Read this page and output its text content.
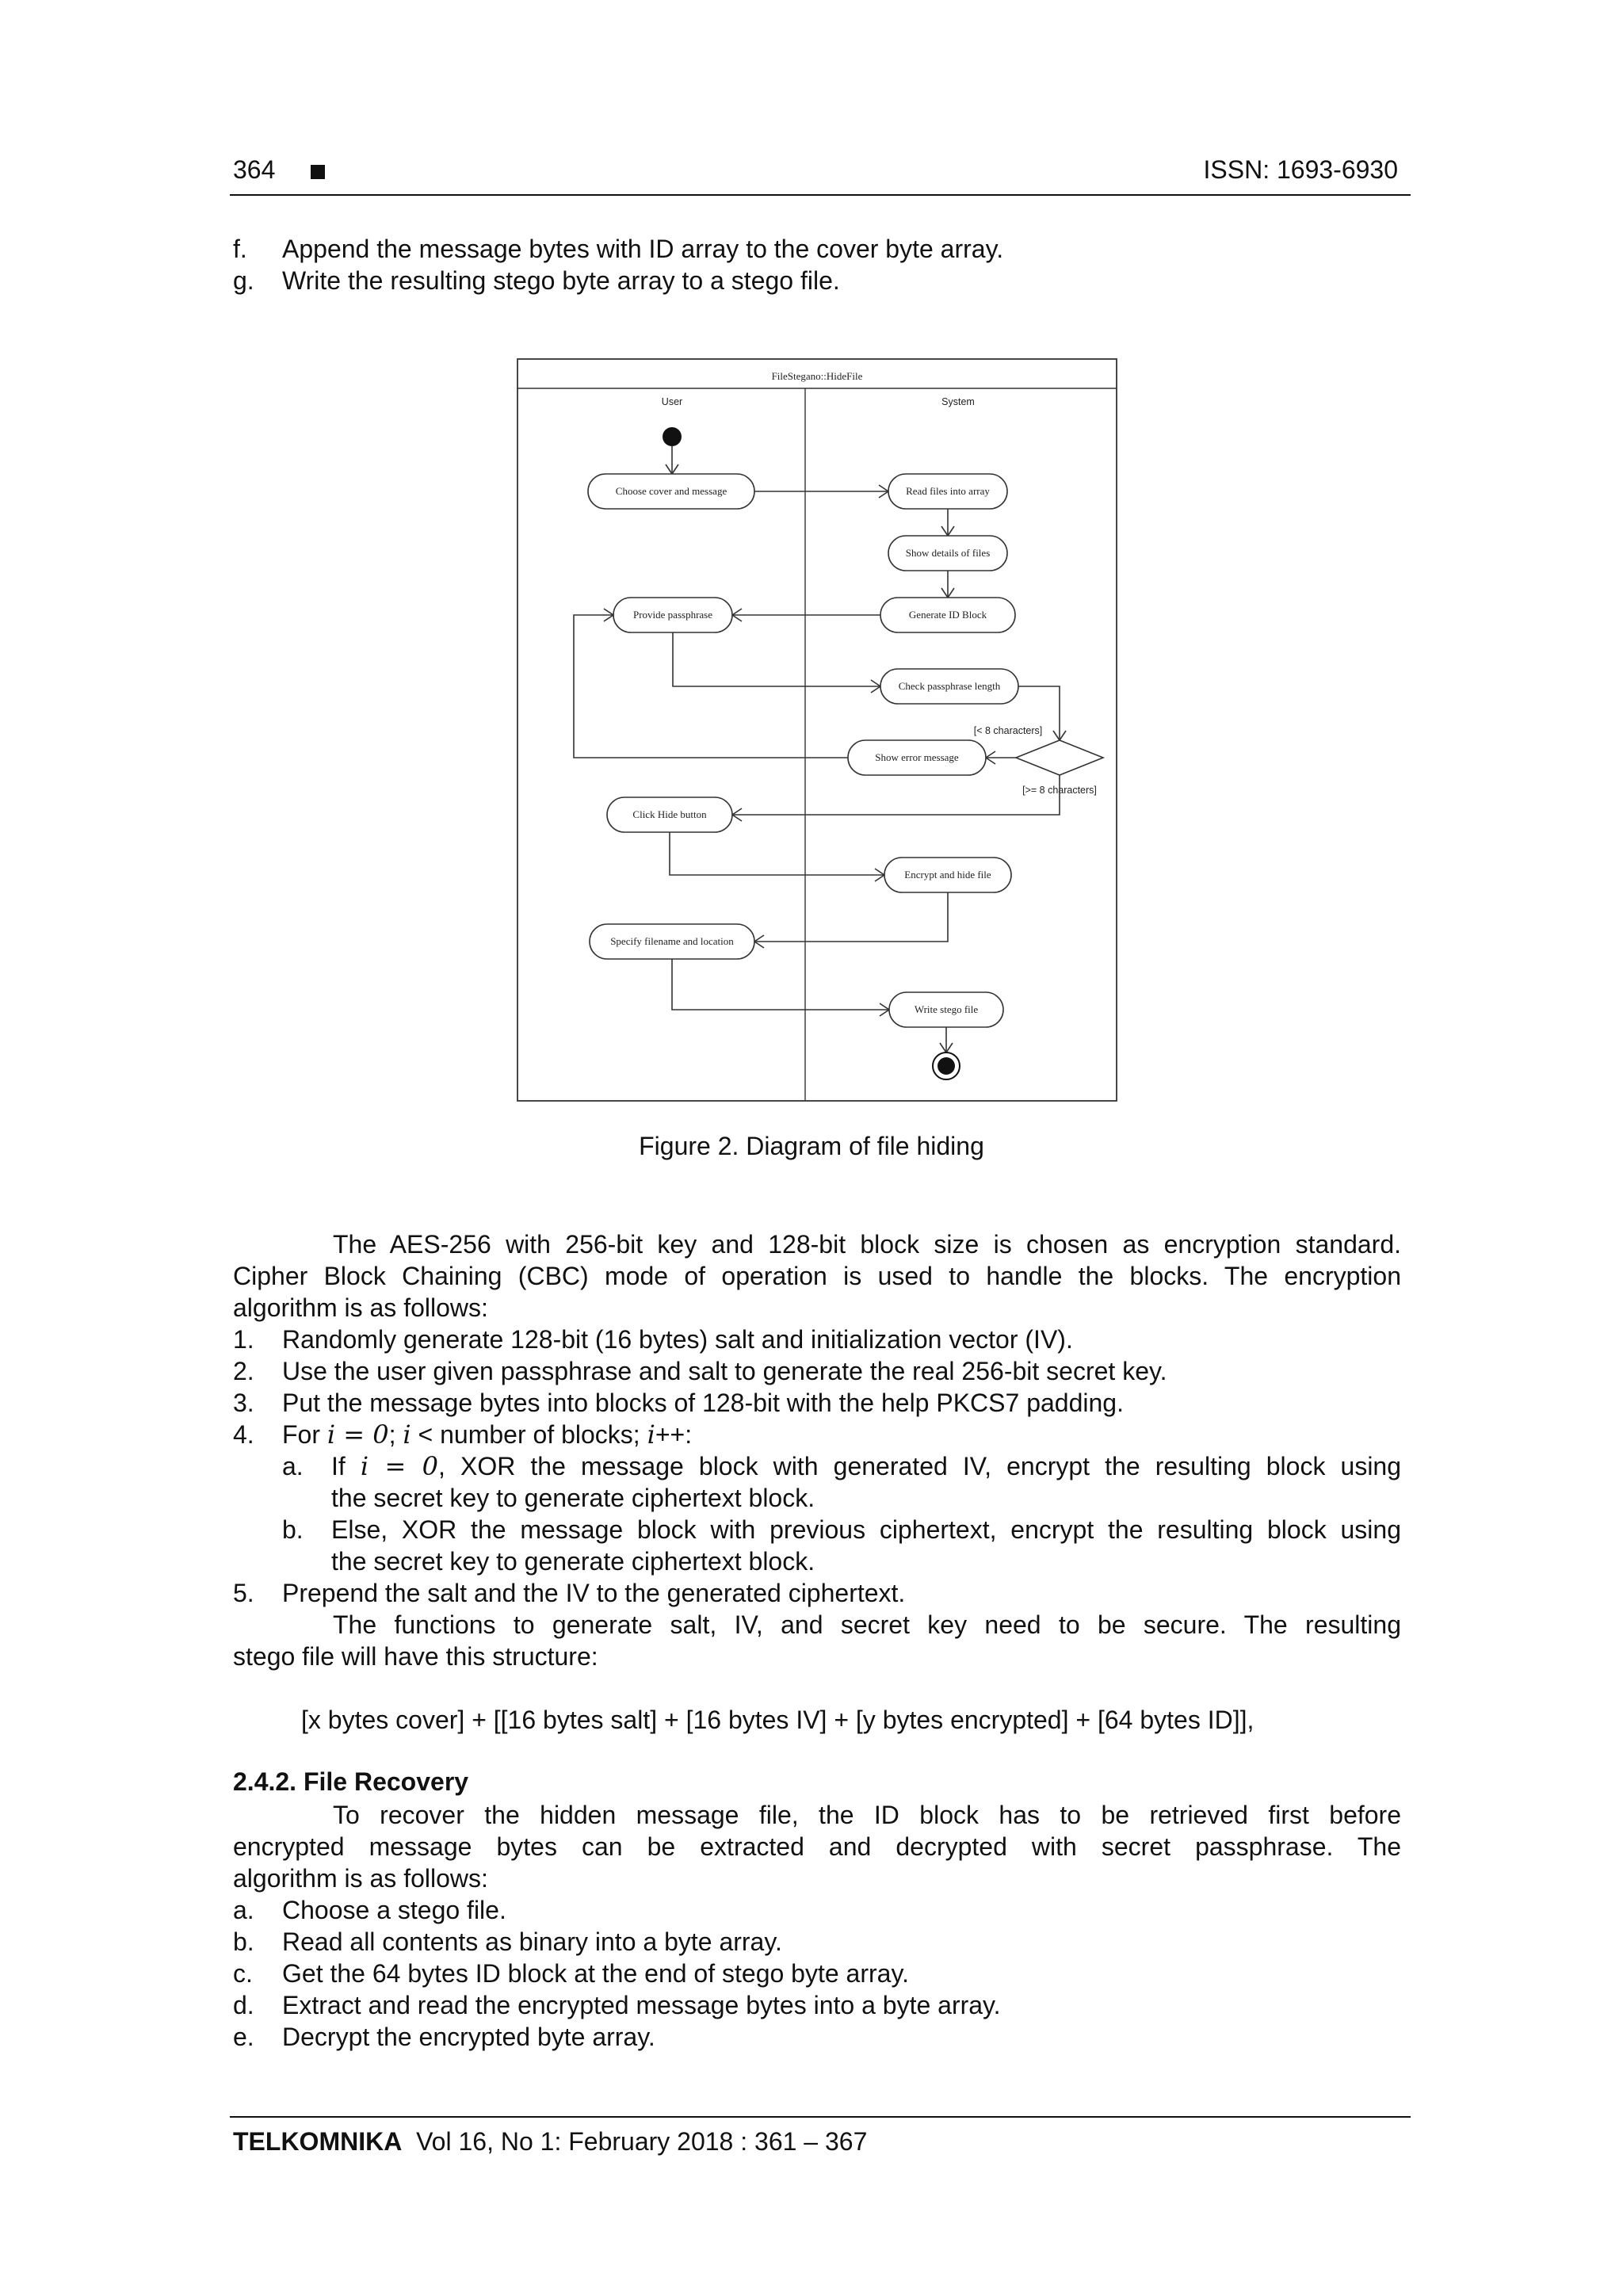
364	ISSN: 1693-6930
f. Append the message bytes with ID array to the cover byte array.
g. Write the resulting stego byte array to a stego file.
FileStegano::HideFile
User	System
Choose cover and message	Read files into array
Show details of files
Generate ID Block
Provide passphrase
Check passphrase length
[< 8 characters]
[>= 8 characters]
Show error message
Click Hide button
Encrypt and hide file
Specify filename and location
Write stego file
Figure 2. Diagram of file hiding
The AES-256 with 256-bit key and 128-bit block size is chosen as encryption standard.
Cipher Block Chaining (CBC) mode of operation is used to handle the blocks. The encryption
algorithm is as follows:
1. Randomly generate 128-bit (16 bytes) salt and initialization vector (IV).
2. Use the user given passphrase and salt to generate the real 256-bit secret key.
3. Put the message bytes into blocks of 128-bit with the help PKCS7 padding.
4. For i = 0; i < number of blocks; i++:
a. If i = 0, XOR the message block with generated IV, encrypt the resulting block using
the secret key to generate ciphertext block.
b. Else, XOR the message block with previous ciphertext, encrypt the resulting block using
the secret key to generate ciphertext block.
5. Prepend the salt and the IV to the generated ciphertext.
The functions to generate salt, IV, and secret key need to be secure. The resulting
stego file will have this structure:
[x bytes cover] + [[16 bytes salt] + [16 bytes IV] + [y bytes encrypted] + [64 bytes ID]],
2.4.2. File Recovery
To recover the hidden message file, the ID block has to be retrieved first before
encrypted message bytes can be extracted and decrypted with secret passphrase. The
algorithm is as follows:
a. Choose a stego file.
b. Read all contents as binary into a byte array.
c. Get the 64 bytes ID block at the end of stego byte array.
d. Extract and read the encrypted message bytes into a byte array.
e. Decrypt the encrypted byte array.
TELKOMNIKA Vol 16, No 1: February 2018 : 361 – 367
